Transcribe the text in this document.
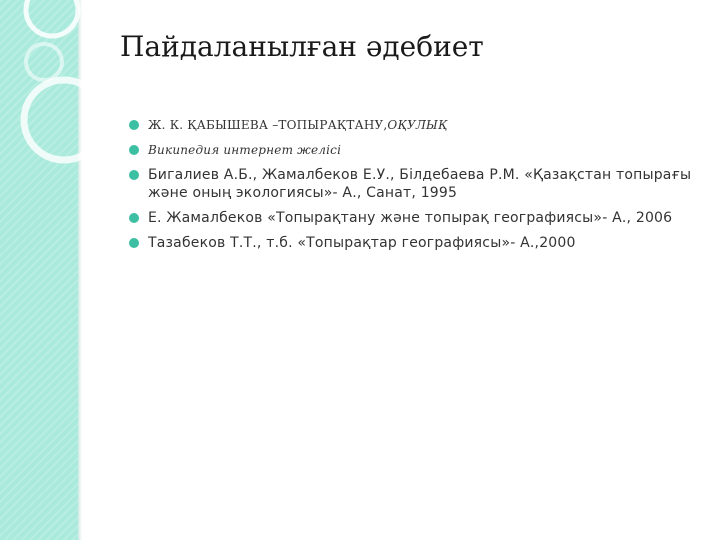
Пайдаланылған әдебиет
Ж. К. ҚАБЫШЕВА –ТОПЫРАҚТАНУ,ОҚУЛЫҚ
Википедия интернет желісі
Бигалиев А.Б., Жамалбеков Е.У., Білдебаева Р.М. «Қазақстан топырағы және оның экологиясы»- А., Санат, 1995
Е. Жамалбеков «Топырақтану және топырақ географиясы»- А., 2006
Тазабеков Т.Т., т.б. «Топырақтар географиясы»- А.,2000
